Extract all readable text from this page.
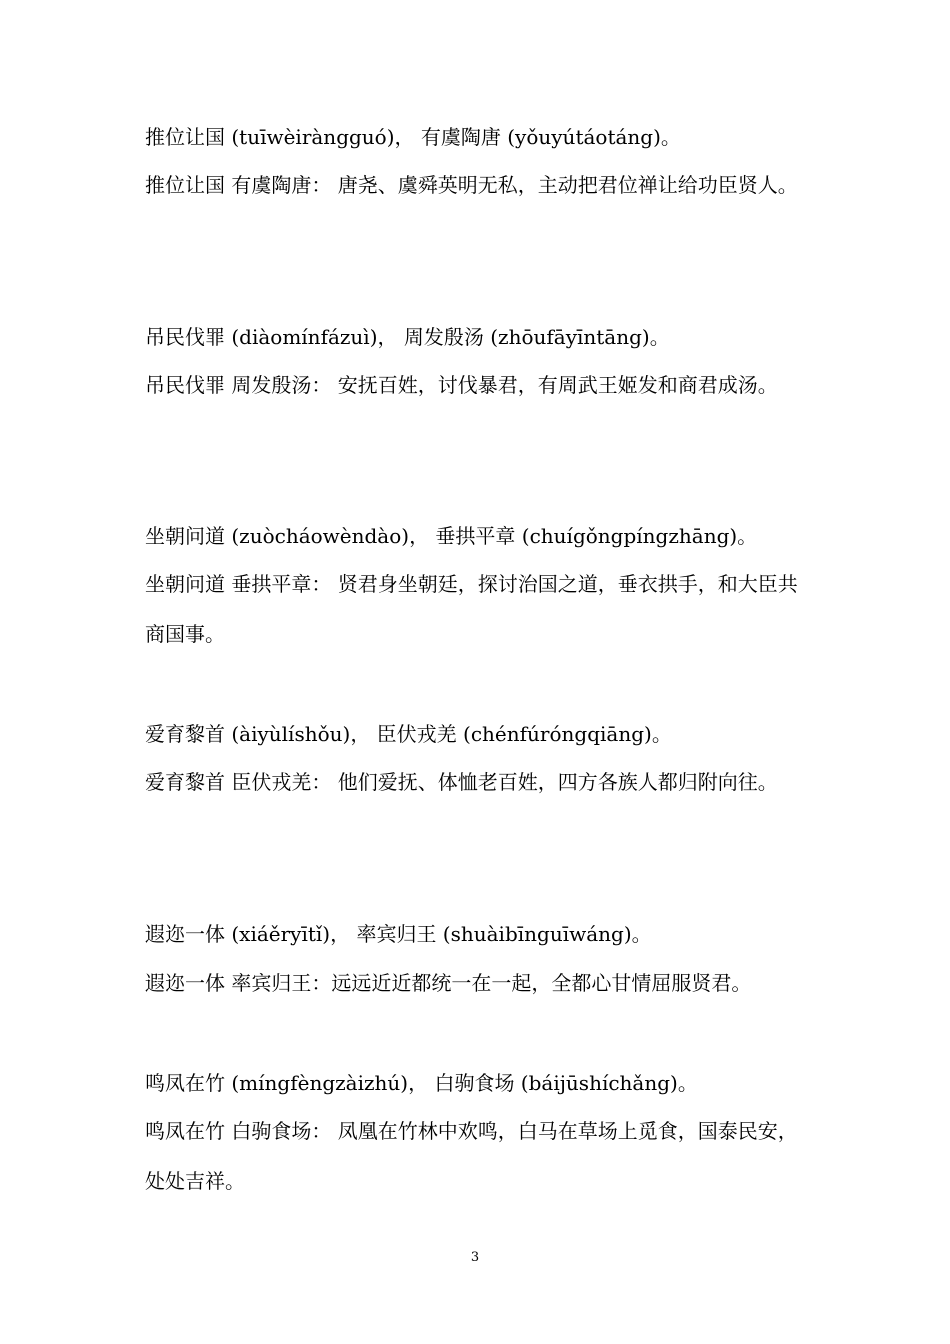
推位让国 (tuīwèiràngguó)， 有虞陶唐 (yǒuyútáotáng)。
推位让国 有虞陶唐： 唐尧、虞舜英明无私，主动把君位禅让给功臣贤人。
吊民伐罪 (diàomínfázuì)， 周发殷汤 (zhōufāyīntāng)。
吊民伐罪 周发殷汤： 安抚百姓，讨伐暴君，有周武王姬发和商君成汤。
坐朝问道 (zuòcháowèndào)， 垂拱平章 (chuígǒngpíngzhāng)。
坐朝问道 垂拱平章： 贤君身坐朝廷，探讨治国之道，垂衣拱手，和大臣共商国事。
爱育黎首 (àiyùlíshǒu)， 臣伏戎羌 (chénfúróngqiāng)。
爱育黎首 臣伏戎羌： 他们爱抚、体恤老百姓，四方各族人都归附向往。
遐迩一体 (xiáěryītǐ)， 率宾归王 (shuàibīnguīwáng)。
遐迩一体 率宾归王：远远近近都统一在一起，全都心甘情屈服贤君。
鸣凤在竹 (míngfèngzàizhú)， 白驹食场 (báijūshíchǎng)。
鸣凤在竹 白驹食场： 凤凰在竹林中欢鸣，白马在草场上觅食，国泰民安，处处吉祥。
3
